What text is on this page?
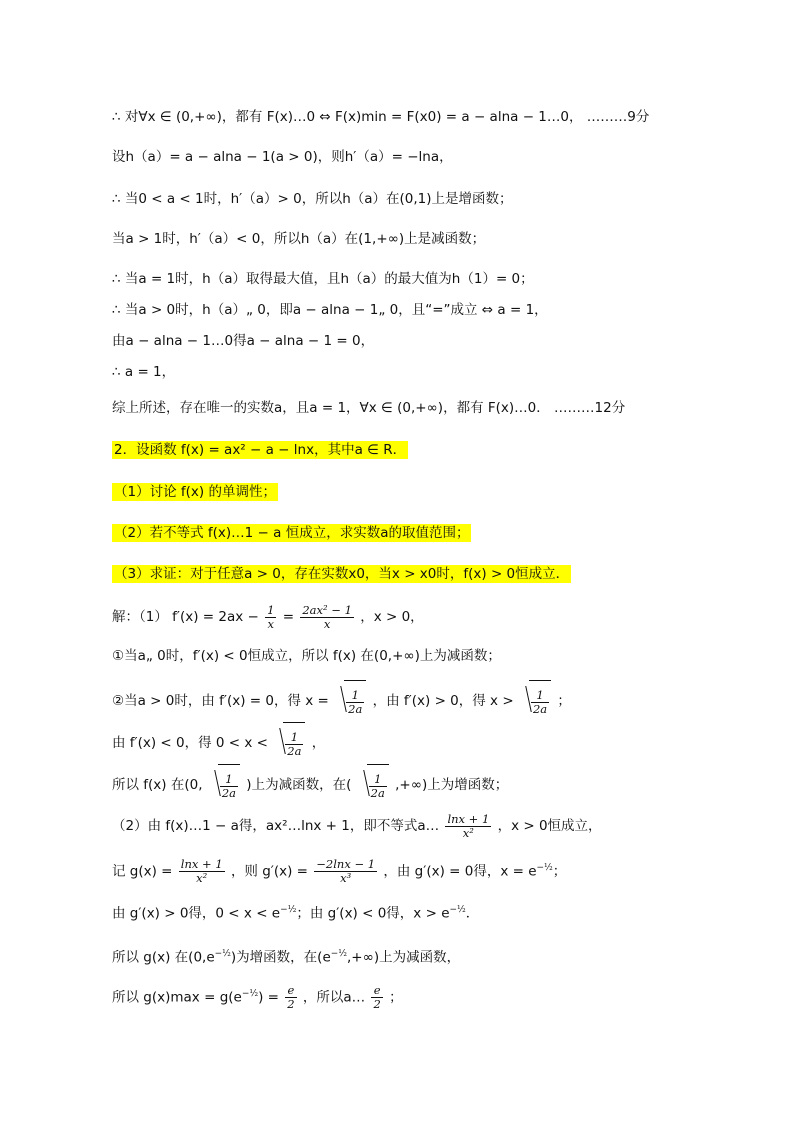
∴ 对∀x ∈ (0,+∞)，都有 F(x)…0 ⇔ F(x)min = F(x0) = a − alna − 1…0， ………9分
设h（a）= a − alna − 1(a > 0)，则h′（a）= −lna，
∴ 当0 < a < 1时，h′（a）> 0，所以h（a）在(0,1)上是增函数；
当a > 1时，h′（a）< 0，所以h（a）在(1,+∞)上是减函数；
∴ 当a = 1时，h（a）取得最大值，且h（a）的最大值为h（1）= 0；
∴ 当a > 0时，h（a）„ 0，即a − alna − 1„ 0，且“=”成立 ⇔ a = 1，
由a − alna − 1…0得a − alna − 1 = 0，
∴ a = 1，
综上所述，存在唯一的实数a，且a = 1，∀x ∈ (0,+∞)，都有 F(x)…0． ………12分
2．设函数 f(x) = ax² − a − lnx，其中a ∈ R．
（1）讨论 f(x) 的单调性；
（2）若不等式 f(x)…1 − a 恒成立，求实数a的取值范围；
（3）求证：对于任意a > 0，存在实数x0，当x > x0时，f(x) > 0恒成立．
解：（1） $f'(x) = 2ax - \frac{1}{x} = \frac{\text{2ax² − 1}}{x}$ ，x > 0，
①当a„ 0时，f′(x) < 0恒成立，所以 f(x) 在(0,+∞)上为减函数；
②当a > 0时，由 f′(x) = 0，得 $x = \frac{1}{2a}$ ，由 f′(x) > 0，得 $x > \frac{1}{2a}$ ；
由 f′(x) < 0，得 $0 < x < \frac{1}{2a}$ ，
所以 f(x) 在(0, $\frac{1}{2a}$ )上为减函数，在( $\frac{1}{2a}$ ,+∞)上为增函数；
（2）由 f(x)…1 − a得，ax²…lnx + 1，即不等式a… $\frac{\ln x + 1}{\text{x²}}$ ，x > 0恒成立，
记 $g(x) = \frac{\ln x + 1}{\text{x²}}$ ，则 $g'(x) = \frac{-2\ln x - 1}{\text{x³}}$ ，由 g′(x) = 0得，$x = e^{-\frac{1}{2}}$；
由 g′(x) > 0得，$0 < x < e^{-\frac{1}{2}}$；由 g′(x) < 0得，$x > e^{-\frac{1}{2}}$．
所以 g(x) 在$(0,e^{-\frac{1}{2}})$为增函数，在$(e^{-\frac{1}{2}},+\infty)$上为减函数，
所以 $g(x)\max = g(e^{-\frac{1}{2}}) = \frac{e}{2}$ ，所以a… $\frac{e}{2}$ ；
